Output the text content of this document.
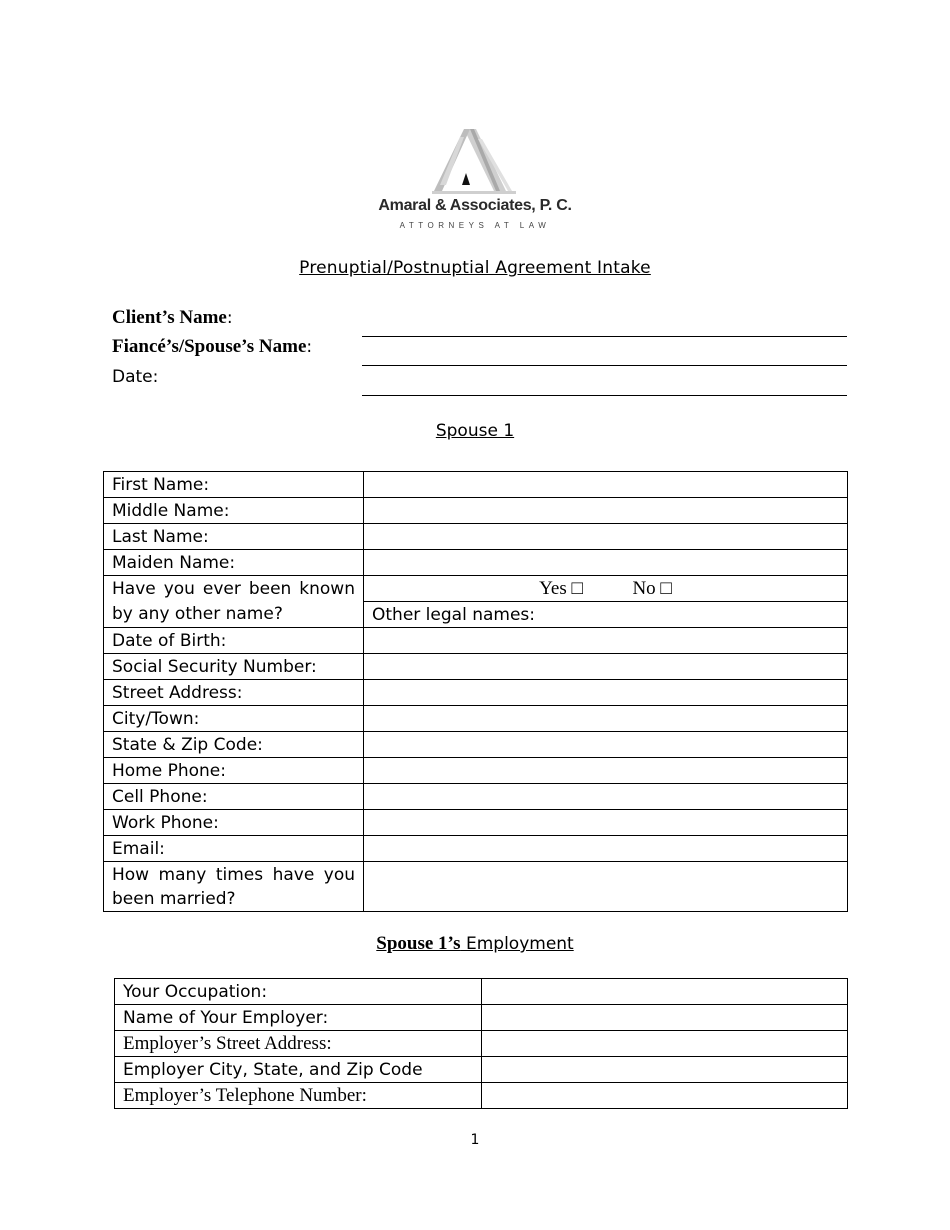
Amaral & Associates, P. C.
ATTORNEYS AT LAW
Prenuptial/Postnuptial Agreement Intake
Client’s Name:
Fiancé’s/Spouse’s Name:
Date:
Spouse 1
First Name:	
Middle Name:	
Last Name:	
Maiden Name:	
Have you ever been known	Yes □ No □
by any other name?	Other legal names:
Date of Birth:	
Social Security Number:	
Street Address:	
City/Town:	
State & Zip Code:	
Home Phone:	
Cell Phone:	
Work Phone:	
Email:	

How many times have you
been married?	

Spouse 1’s Employment
Your Occupation:	
Name of Your Employer:	
Employer’s Street Address:	
Employer City, State, and Zip Code	
Employer’s Telephone Number:	
1
